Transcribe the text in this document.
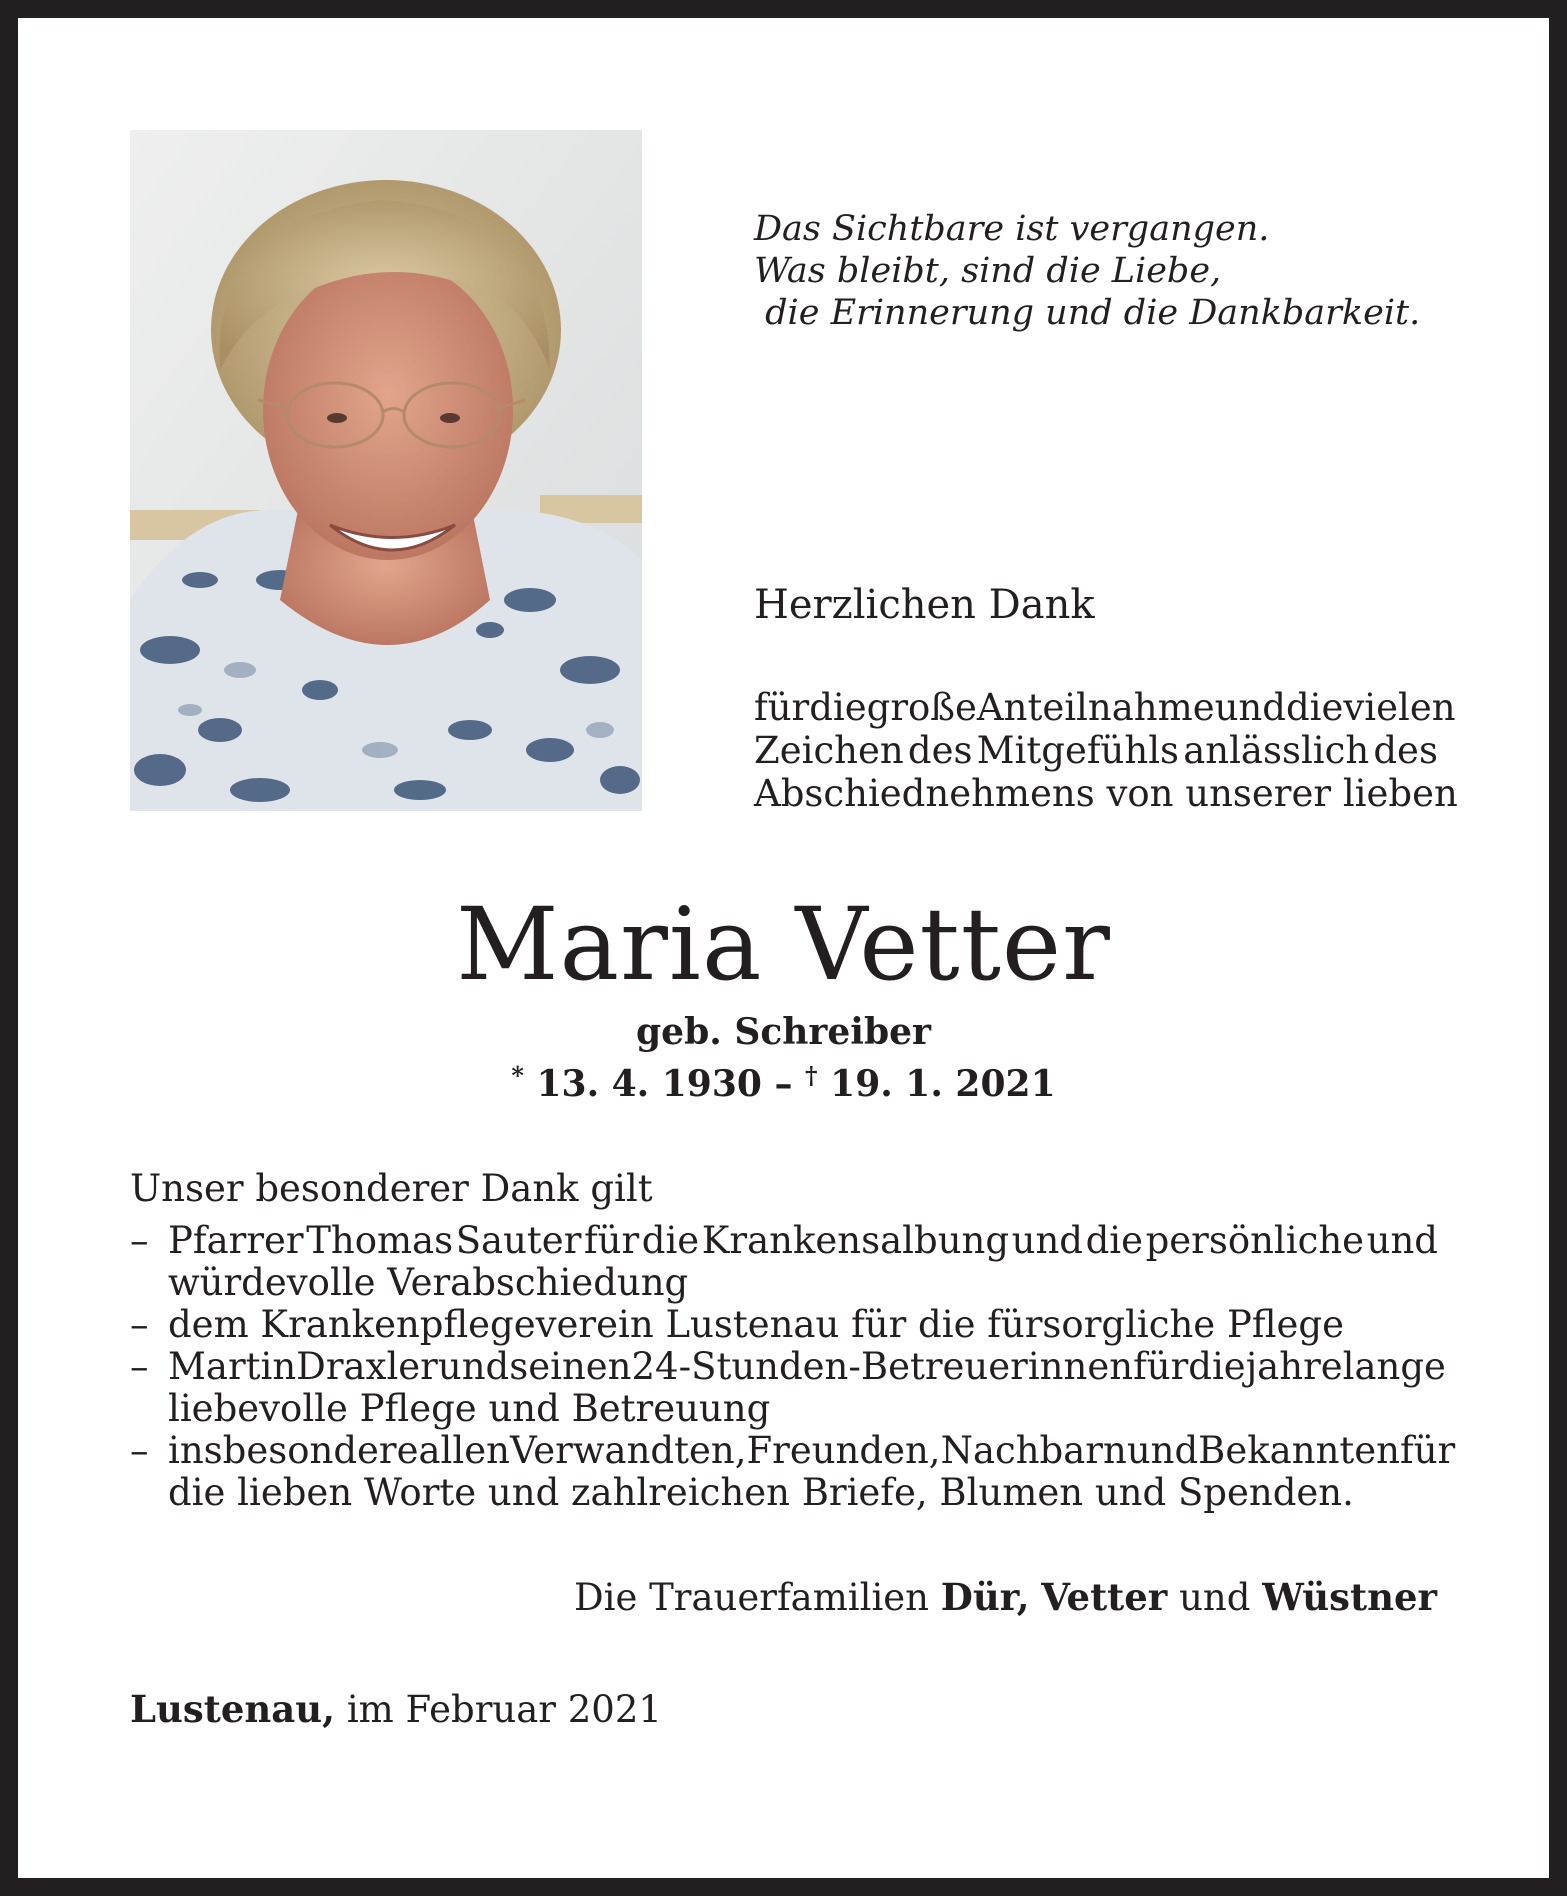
Das Sichtbare ist vergangen.
Was bleibt, sind die Liebe,
die Erinnerung und die Dankbarkeit.

Herzlichen Dank

für die große Anteilnahme und die vielen
Zeichen des Mitgefühls anlässlich des
Abschiednehmens von unserer lieben

Maria Vetter
geb. Schreiber
* 13. 4. 1930 – † 19. 1. 2021
Unser besonderer Dank gilt
– Pfarrer Thomas Sauter für die Krankensalbung und die persönliche und
würdevolle Verabschiedung
– dem Krankenpflegeverein Lustenau für die fürsorgliche Pflege
– Martin Draxler und seinen 24-Stunden-Betreuerinnen für die jahrelange
liebevolle Pflege und Betreuung
– insbesondere allen Verwandten, Freunden, Nachbarn und Bekannten für
die lieben Worte und zahlreichen Briefe, Blumen und Spenden.
Die Trauerfamilien Dür, Vetter und Wüstner
Lustenau, im Februar 2021
